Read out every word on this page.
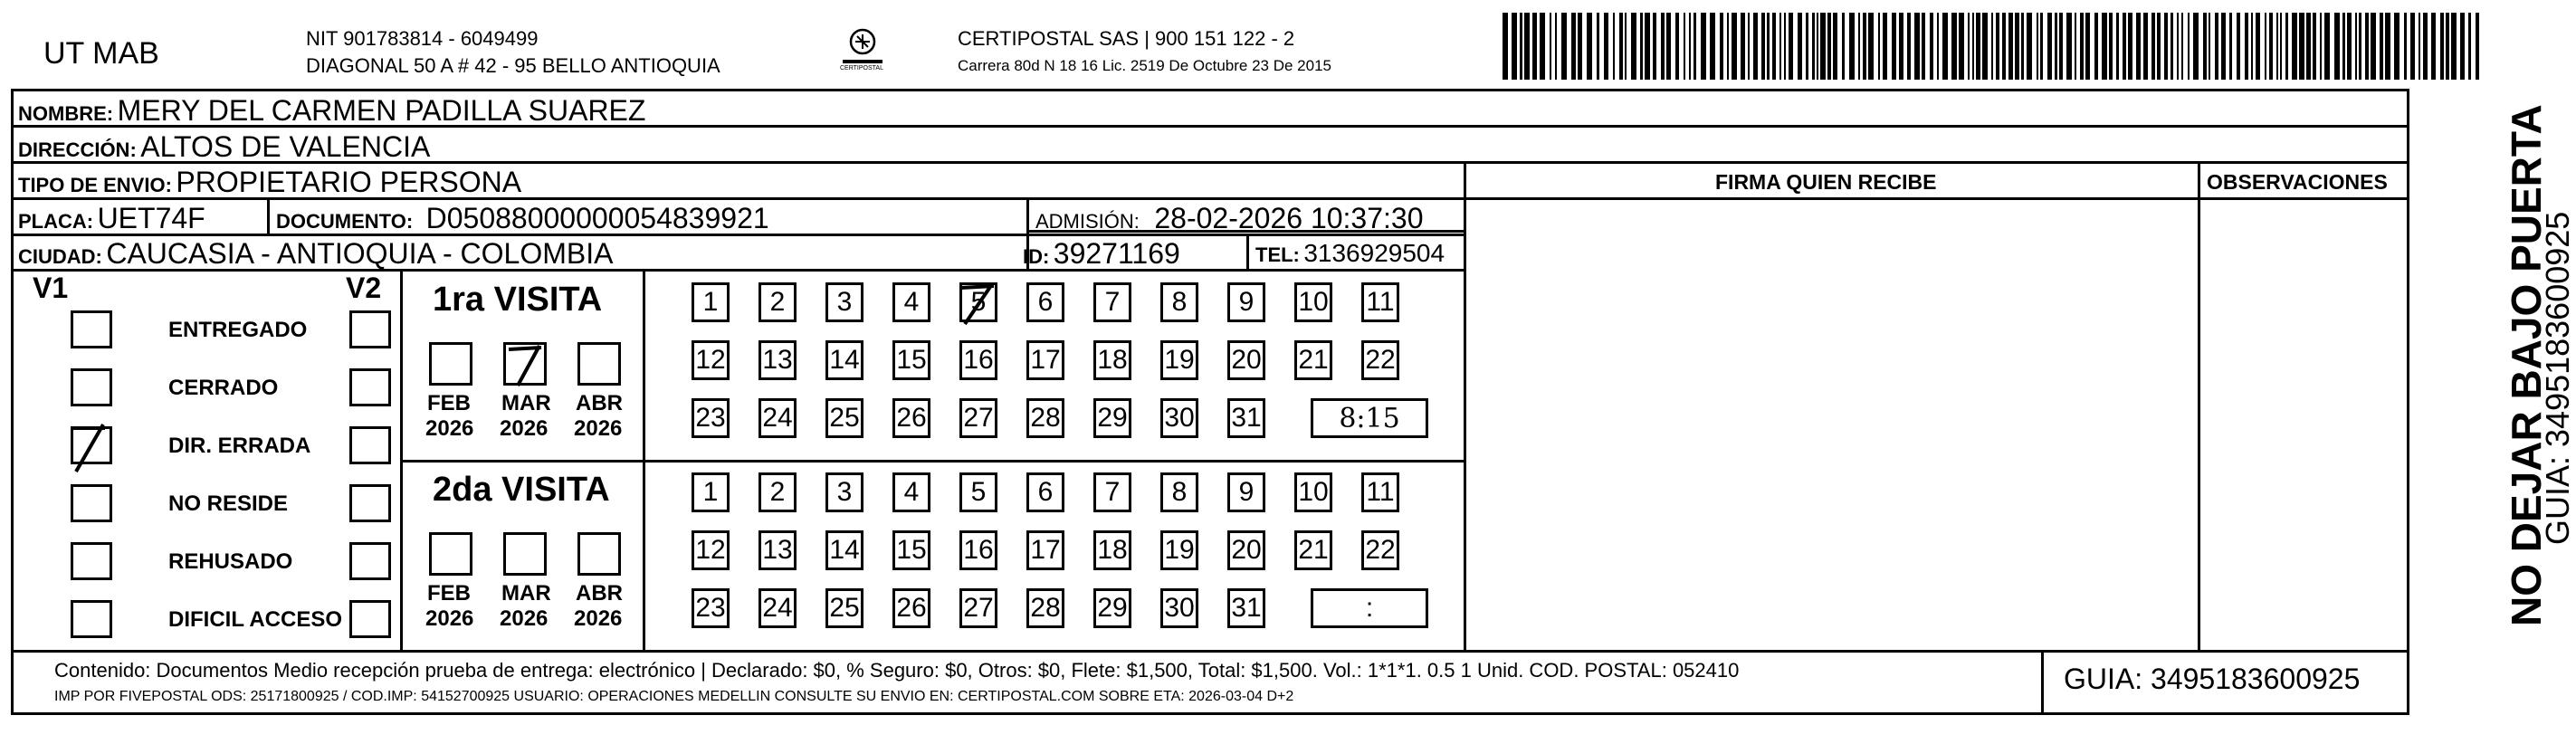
UT MAB	NIT 901783814 - 6049499
DIAGONAL 50 A # 42 - 95 BELLO ANTIOQUIA	CERTIPOSTAL
CERTIPOSTAL SAS | 900 151 122 - 2
Carrera 80d N 18 16 Lic. 2519 De Octubre 23 De 2015
NOMBRE: MERY DEL CARMEN PADILLA SUAREZ
DIRECCIÓN: ALTOS DE VALENCIA
TIPO DE ENVIO: PROPIETARIO PERSONA	FIRMA QUIEN RECIBE	OBSERVACIONES
PLACA: UET74F	DOCUMENTO: D05088000000054839921	ADMISIÓN: 28-02-2026 10:37:30
CIUDAD: CAUCASIA - ANTIOQUIA - COLOMBIA	ID: 39271169	TEL: 3136929504
V1	V2 1ra VISITA
2da VISITA
Contenido: Documentos Medio recepción prueba de entrega: electrónico | Declarado: $0, % Seguro: $0, Otros: $0, Flete: $1,500, Total: $1,500. Vol.: 1*1*1. 0.5 1 Unid. COD. POSTAL: 052410
IMP POR FIVEPOSTAL ODS: 25171800925 / COD.IMP: 54152700925 USUARIO: OPERACIONES MEDELLIN CONSULTE SU ENVIO EN: CERTIPOSTAL.COM SOBRE ETA: 2026-03-04 D+2
GUIA: 3495183600925
NO DEJAR BAJO PUERTA
GUIA: 3495183600925
ENTREGADO
CERRADO
DIR. ERRADA
NO RESIDE
REHUSADO
DIFICIL ACCESO
FEB
2026
MAR
2026
ABR
2026
FEB
2026
MAR
2026
ABR
2026
1	2	3	4	5	6	7	8	9	10 11
12 13 14 15 16 17 18 19 20 21 22
23 24 25 26 27 28 29 30 31	8:15
1	2	3	4	5	6	7	8	9	10 11
12 13 14 15 16 17 18 19 20 21 22
23 24 25 26 27 28 29 30 31	:
